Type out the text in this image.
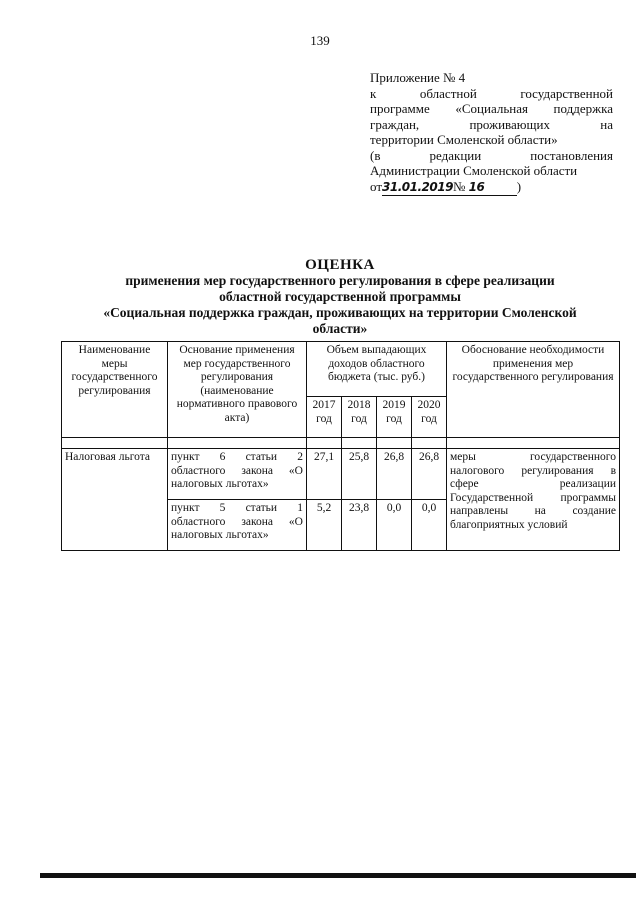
139
Приложение № 4
к областной государственной
программе «Социальная поддержка
граждан, проживающих на
территории Смоленской области»
(в редакции постановления
Администрации Смоленской области
от31.01.2019№ 16	)
ОЦЕНКА
применения мер государственного регулирования в сфере реализации
областной государственной программы
«Социальная поддержка граждан, проживающих на территории Смоленской
области»
Наименование меры государственного регулирования	Основание применения мер государственного регулирования (наименование нормативного правового акта)	Объем выпадающих доходов областного бюджета (тыс. руб.)				Обоснование необходимости применения мер государственного регулирования
		2017 год	2018 год	2019 год	2020 год	

Налоговая льгота	пункт 6 статьи 2 областного закона «О налоговых льготах»	27,1	25,8	26,8	26,8	меры государственного налогового регулирования в сфере реализации Государственной программы направлены на создание благоприятных условий
	пункт 5 статьи 1 областного закона «О налоговых льготах»	5,2	23,8	0,0	0,0	
